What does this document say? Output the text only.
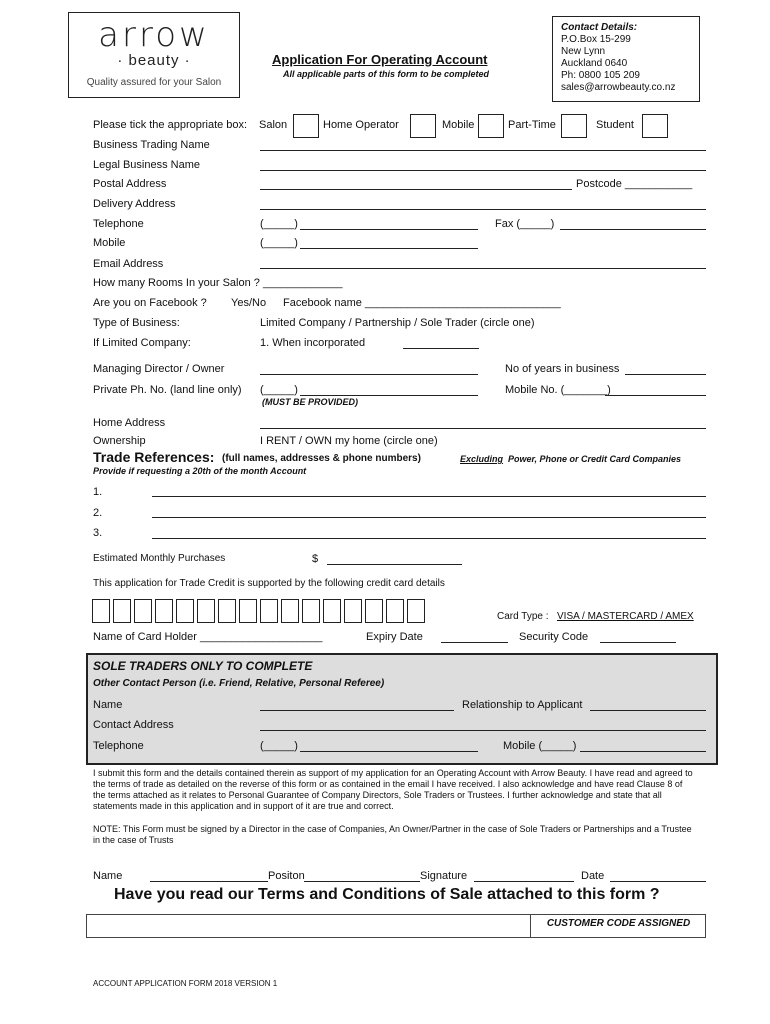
arrow
· beauty ·
Quality assured for your Salon
Application For Operating Account
All applicable parts of this form to be completed
Contact Details:
P.O.Box 15-299
New Lynn
Auckland 0640
Ph: 0800 105 209
sales@arrowbeauty.co.nz
Please tick the appropriate box: Salon	Home Operator	Mobile	Part-Time	Student
Business Trading Name
Legal Business Name
Postal Address	Postcode ___________
Delivery Address
Telephone	(_____)	Fax (_____)
Mobile	(_____)
Email Address
How many Rooms In your Salon ? _____________
Are you on Facebook ? Yes/No Facebook name ________________________________
Type of Business:	Limited Company / Partnership / Sole Trader (circle one)
If Limited Company:	1. When incorporated
Managing Director / Owner	No of years in business
Private Ph. No. (land line only) (_____)
(MUST BE PROVIDED)
Mobile No. (_______)
Home Address
Ownership	I RENT / OWN my home (circle one)
Trade References: (full names, addresses & phone numbers)	Excluding Power, Phone or Credit Card Companies
Provide if requesting a 20th of the month Account
1.
2.
3.
Estimated Monthly Purchases	$
This application for Trade Credit is supported by the following credit card details
Card Type : VISA / MASTERCARD / AMEX
Name of Card Holder ____________________	Expiry Date	Security Code
SOLE TRADERS ONLY TO COMPLETE
Other Contact Person (i.e. Friend, Relative, Personal Referee)
Name	Relationship to Applicant
Contact Address
Telephone	(_____)	Mobile (_____)
I submit this form and the details contained therein as support of my application for an Operating Account with Arrow Beauty. I have read and agreed to the terms of trade as detailed on the reverse of this form or as contained in the email I have received. I also acknowledge and have read Clause 8 of the terms attached as it relates to Personal Guarantee of Company Directors, Sole Traders or Trustees. I further acknowledge and state that all statements made in this application and in support of it are true and correct.
NOTE: This Form must be signed by a Director in the case of Companies, An Owner/Partner in the case of Sole Traders or Partnerships and a Trustee in the case of Trusts
Name	Positon	Signature	Date
Have you read our Terms and Conditions of Sale attached to this form ?
CUSTOMER CODE ASSIGNED
ACCOUNT APPLICATION FORM 2018 VERSION 1
